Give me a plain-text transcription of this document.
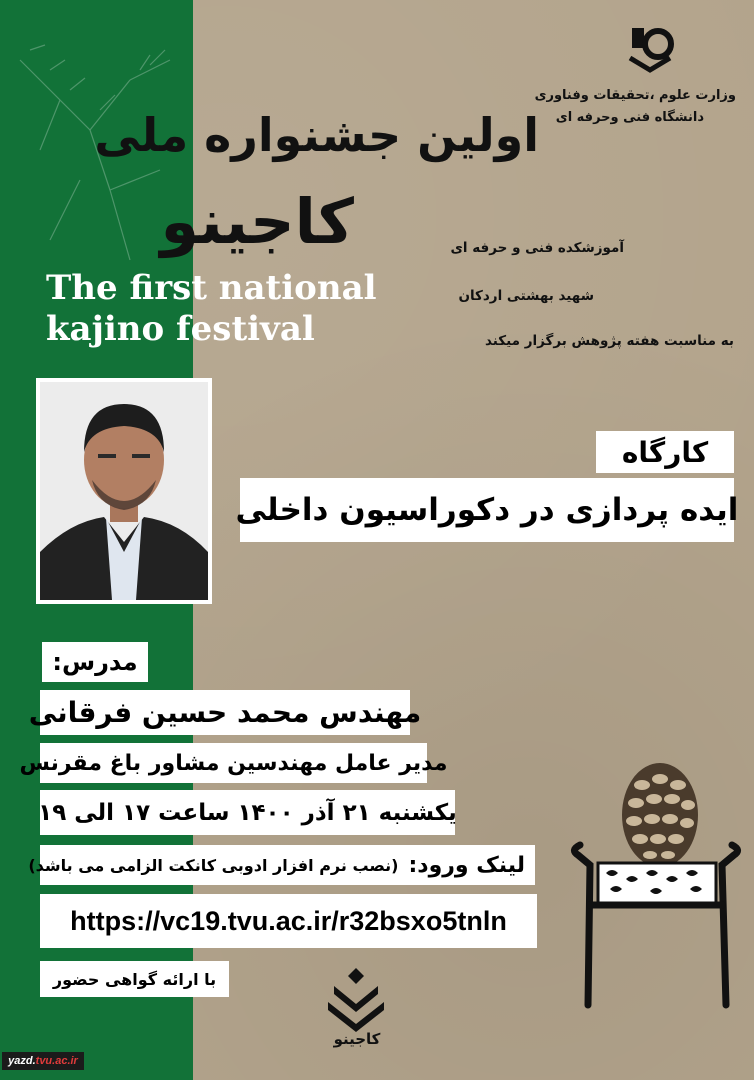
وزارت علوم ،تحقیقات وفناوری
دانشگاه فنی وحرفه ای
اولین جشنواره ملی
کاجینو
The first national
kajino festival
آموزشکده فنی و حرفه ای
شهید بهشتی اردکان
به مناسبت هفته پژوهش برگزار میکند
کارگاه
ایده پردازی در دکوراسیون داخلی
مدرس:
مهندس محمد حسین فرقانی
مدیر عامل مهندسین مشاور باغ مقرنس
یکشنبه ۲۱ آذر ۱۴۰۰ ساعت ۱۷ الی ۱۹
لینک ورود:
(نصب نرم افزار ادوبی کانکت الزامی می باشد)
https://vc19.tvu.ac.ir/r32bsxo5tnln
با ارائه گواهی حضور
کاجینو
yazd. tvu.ac.ir
